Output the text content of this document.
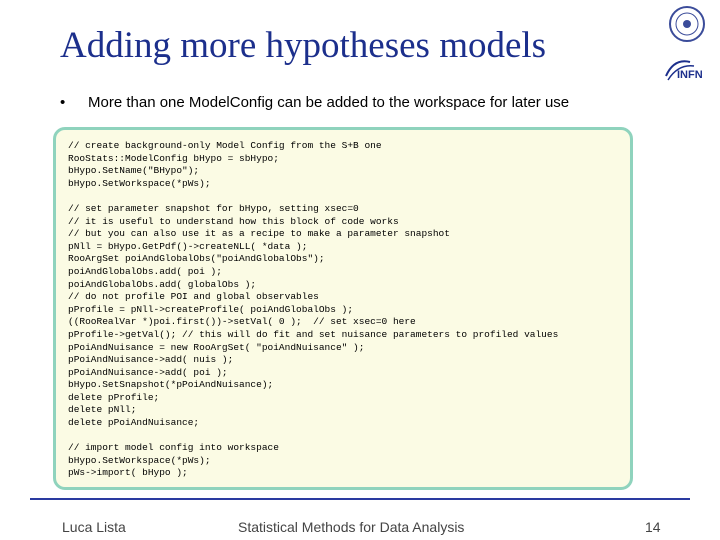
Adding more hypotheses models
INFN
• More than one ModelConfig can be added to the workspace for later use
// create background-only Model Config from the S+B one
RooStats::ModelConfig bHypo = sbHypo;
bHypo.SetName("BHypo");
bHypo.SetWorkspace(*pWs);
// set parameter snapshot for bHypo, setting xsec=0
// it is useful to understand how this block of code works
// but you can also use it as a recipe to make a parameter snapshot
pNll = bHypo.GetPdf()->createNLL( *data );
RooArgSet poiAndGlobalObs("poiAndGlobalObs");
poiAndGlobalObs.add( poi );
poiAndGlobalObs.add( globalObs );
// do not profile POI and global observables
pProfile = pNll->createProfile( poiAndGlobalObs );
((RooRealVar *)poi.first())->setVal( 0 );  // set xsec=0 here
pProfile->getVal(); // this will do fit and set nuisance parameters to profiled values
pPoiAndNuisance = new RooArgSet( "poiAndNuisance" );
pPoiAndNuisance->add( nuis );
pPoiAndNuisance->add( poi );
bHypo.SetSnapshot(*pPoiAndNuisance);
delete pProfile;
delete pNll;
delete pPoiAndNuisance;
// import model config into workspace
bHypo.SetWorkspace(*pWs);
pWs->import( bHypo );
Luca Lista	Statistical Methods for Data Analysis	14
